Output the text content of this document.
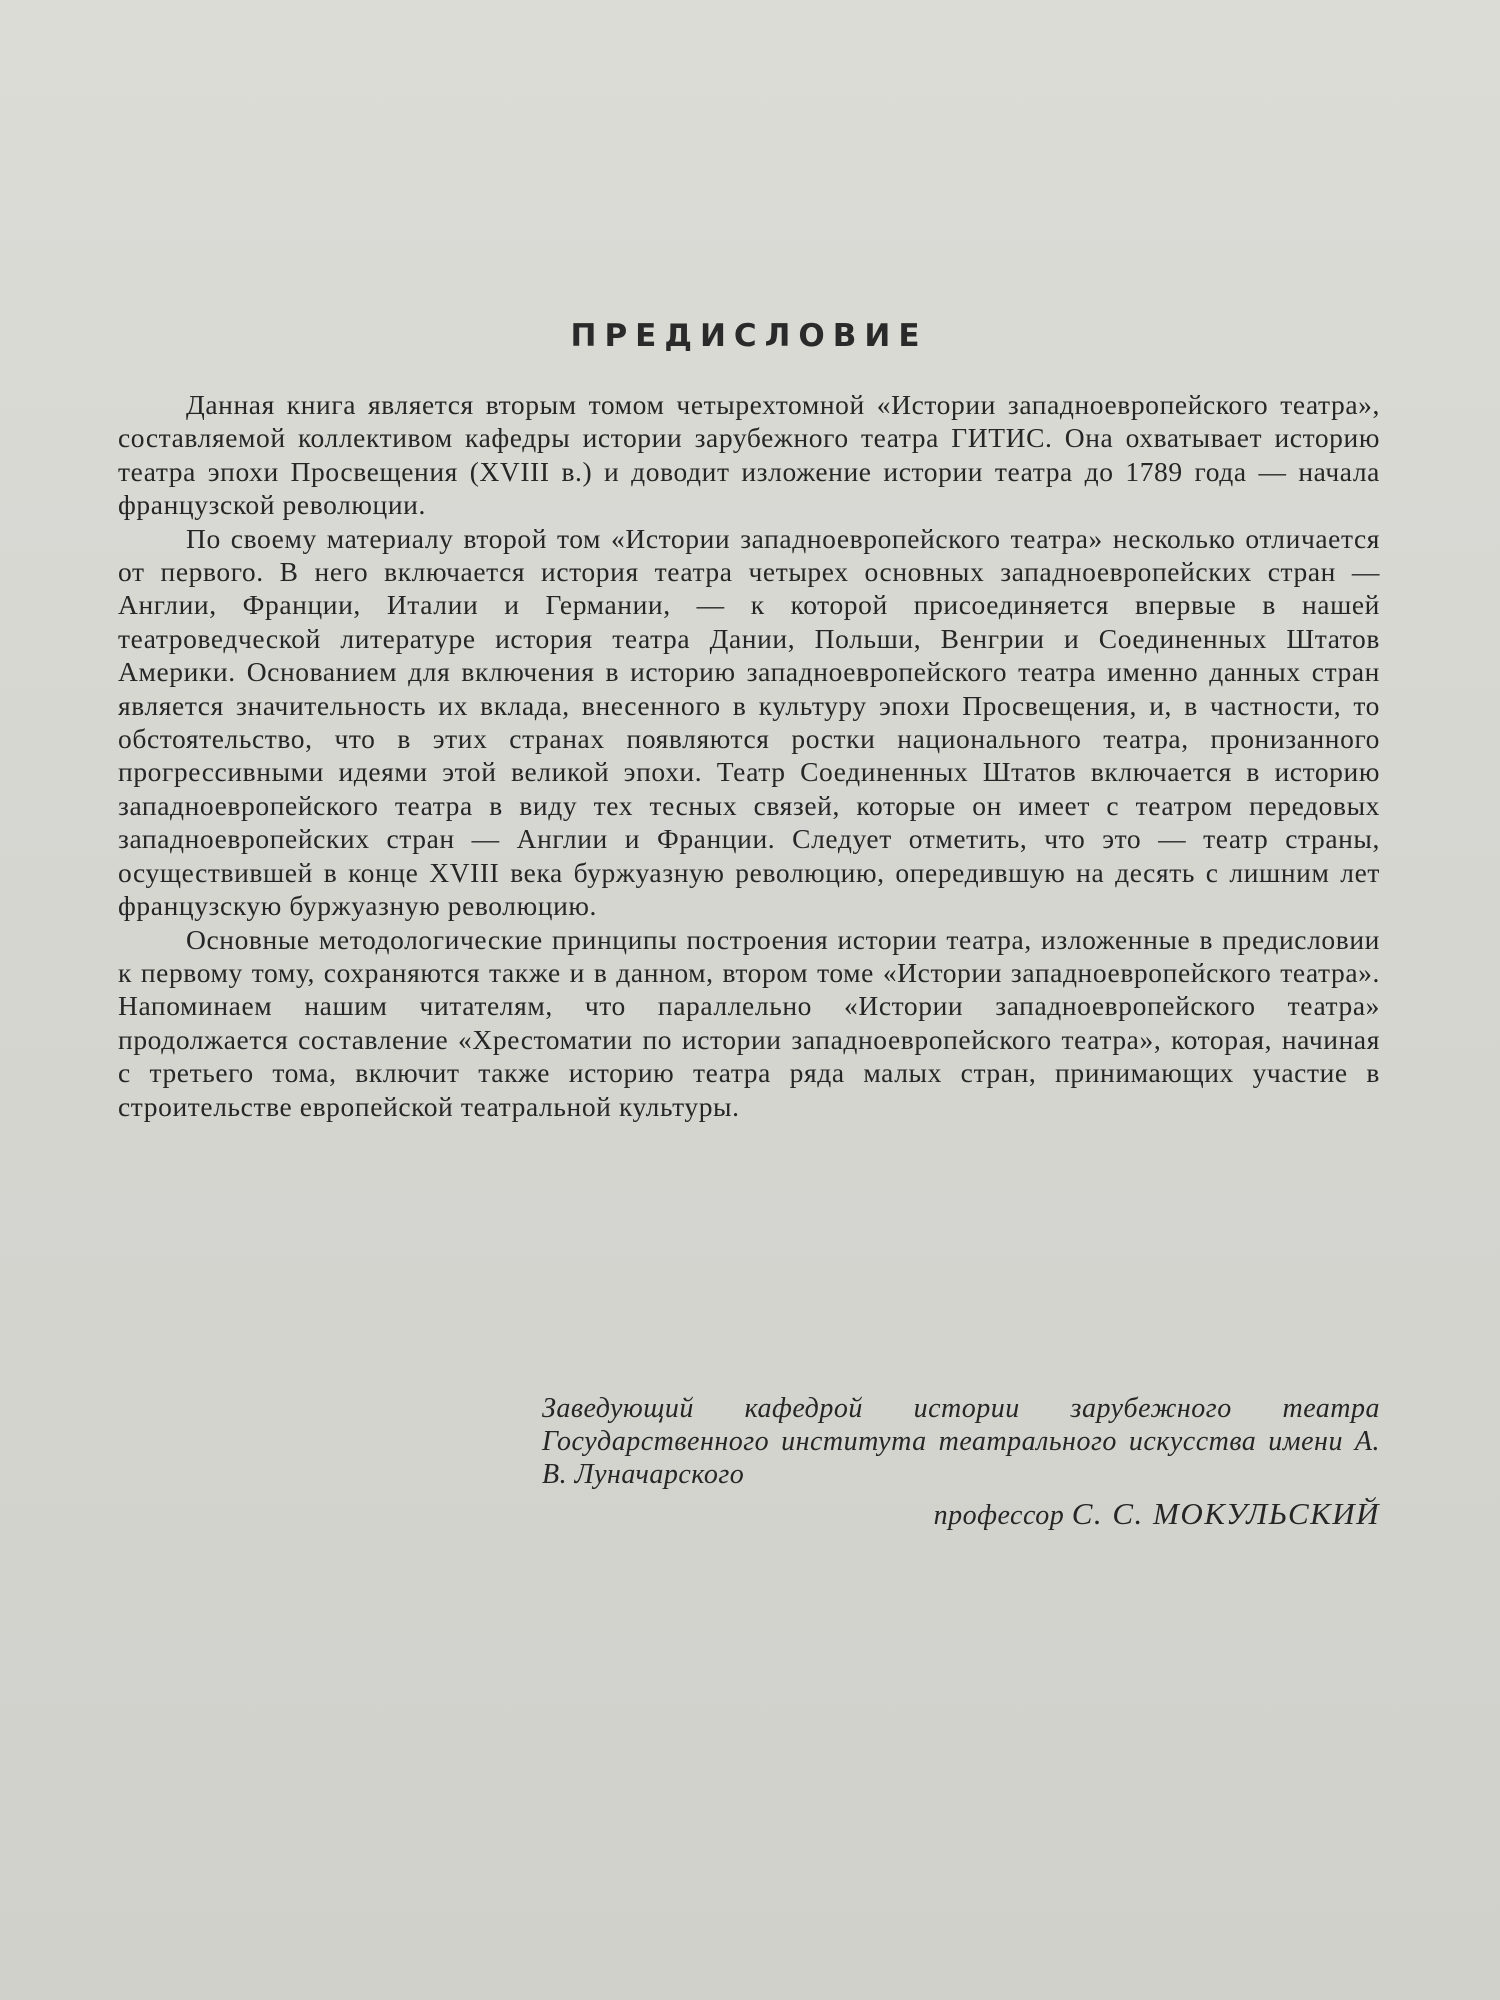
ПРЕДИСЛОВИЕ

Данная книга является вторым томом четырехтомной «Истории западноевропейского театра», составляемой коллективом кафедры истории зарубежного театра ГИТИС. Она охватывает историю театра эпохи Просвещения (XVIII в.) и доводит изложение истории театра до 1789 года — начала французской революции.

По своему материалу второй том «Истории западноевропейского театра» несколько отличается от первого. В него включается история театра четырех основных западноевропейских стран — Англии, Франции, Италии и Германии, — к которой присоединяется впервые в нашей театроведческой литературе история театра Дании, Польши, Венгрии и Соединенных Штатов Америки. Основанием для включения в историю западноевропейского театра именно данных стран является значительность их вклада, внесенного в культуру эпохи Просвещения, и, в частности, то обстоятельство, что в этих странах появляются ростки национального театра, пронизанного прогрессивными идеями этой великой эпохи. Театр Соединенных Штатов включается в историю западноевропейского театра в виду тех тесных связей, которые он имеет с театром передовых западноевропейских стран — Англии и Франции. Следует отметить, что это — театр страны, осуществившей в конце XVIII века буржуазную революцию, опередившую на десять с лишним лет французскую буржуазную революцию.

Основные методологические принципы построения истории театра, изложенные в предисловии к первому тому, сохраняются также и в данном, втором томе «Истории западноевропейского театра». Напоминаем нашим читателям, что параллельно «Истории западноевропейского театра» продолжается составление «Хрестоматии по истории западноевропейского театра», которая, начиная с третьего тома, включит также историю театра ряда малых стран, принимающих участие в строительстве европейской театральной культуры.

Заведующий кафедрой истории зарубежного театра Государственного института театрального искусства имени А. В. Луначарского

профессор С. С. МОКУЛЬСКИЙ
